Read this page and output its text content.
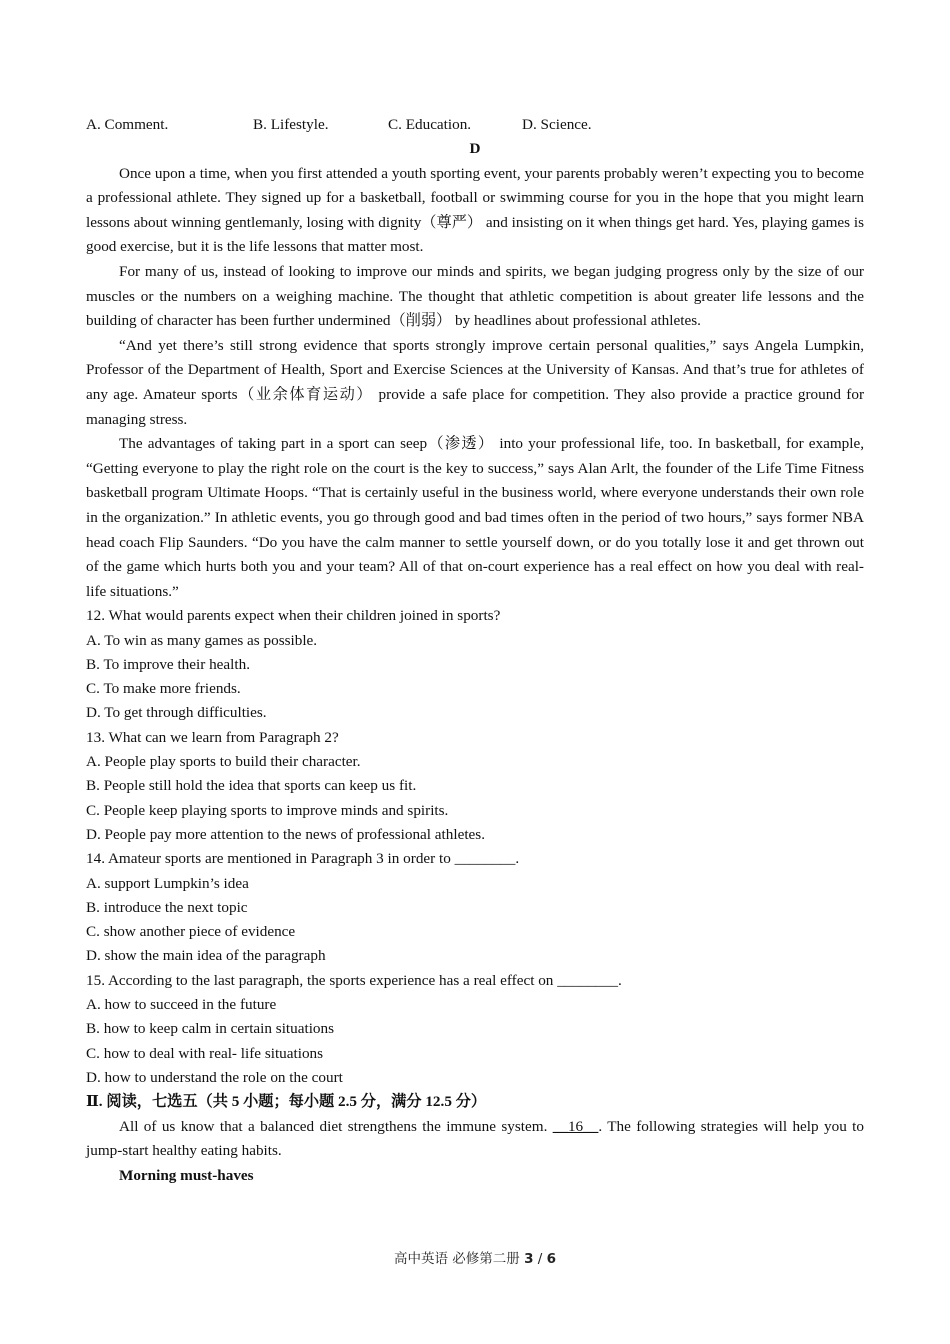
A. Comment.	B. Lifestyle.	C. Education.	D. Science.
D

Once upon a time, when you first attended a youth sporting event, your parents probably weren’t expecting you to become a professional athlete. They signed up for a basketball, football or swimming course for you in the hope that you might learn lessons about winning gentlemanly, losing with dignity（尊严） and insisting on it when things get hard. Yes, playing games is good exercise, but it is the life lessons that matter most.

For many of us, instead of looking to improve our minds and spirits, we began judging progress only by the size of our muscles or the numbers on a weighing machine. The thought that athletic competition is about greater life lessons and the building of character has been further undermined（削弱） by headlines about professional athletes.

“And yet there’s still strong evidence that sports strongly improve certain personal qualities,” says Angela Lumpkin, Professor of the Department of Health, Sport and Exercise Sciences at the University of Kansas. And that’s true for athletes of any age. Amateur sports（业余体育运动） provide a safe place for competition. They also provide a practice ground for managing stress.

The advantages of taking part in a sport can seep（渗透） into your professional life, too. In basketball, for example, “Getting everyone to play the right role on the court is the key to success,” says Alan Arlt, the founder of the Life Time Fitness basketball program Ultimate Hoops. “That is certainly useful in the business world, where everyone understands their own role in the organization.” In athletic events, you go through good and bad times often in the period of two hours,” says former NBA head coach Flip Saunders. “Do you have the calm manner to settle yourself down, or do you totally lose it and get thrown out of the game which hurts both you and your team? All of that on-court experience has a real effect on how you deal with real-life situations.”

12. What would parents expect when their children joined in sports?
A. To win as many games as possible.
B. To improve their health.
C. To make more friends.
D. To get through difficulties.
13. What can we learn from Paragraph 2?
A. People play sports to build their character.
B. People still hold the idea that sports can keep us fit.
C. People keep playing sports to improve minds and spirits.
D. People pay more attention to the news of professional athletes.
14. Amateur sports are mentioned in Paragraph 3 in order to ________.
A. support Lumpkin’s idea
B. introduce the next topic
C. show another piece of evidence
D. show the main idea of the paragraph
15. According to the last paragraph, the sports experience has a real effect on ________.
A. how to succeed in the future
B. how to keep calm in certain situations
C. how to deal with real- life situations
D. how to understand the role on the court
Ⅱ. 阅读，七选五（共 5 小题；每小题 2.5 分，满分 12.5 分）

All of us know that a balanced diet strengthens the immune system. __16__. The following strategies will help you to jump-start healthy eating habits.

Morning must-haves

高中英语 必修第二册 3 / 6
